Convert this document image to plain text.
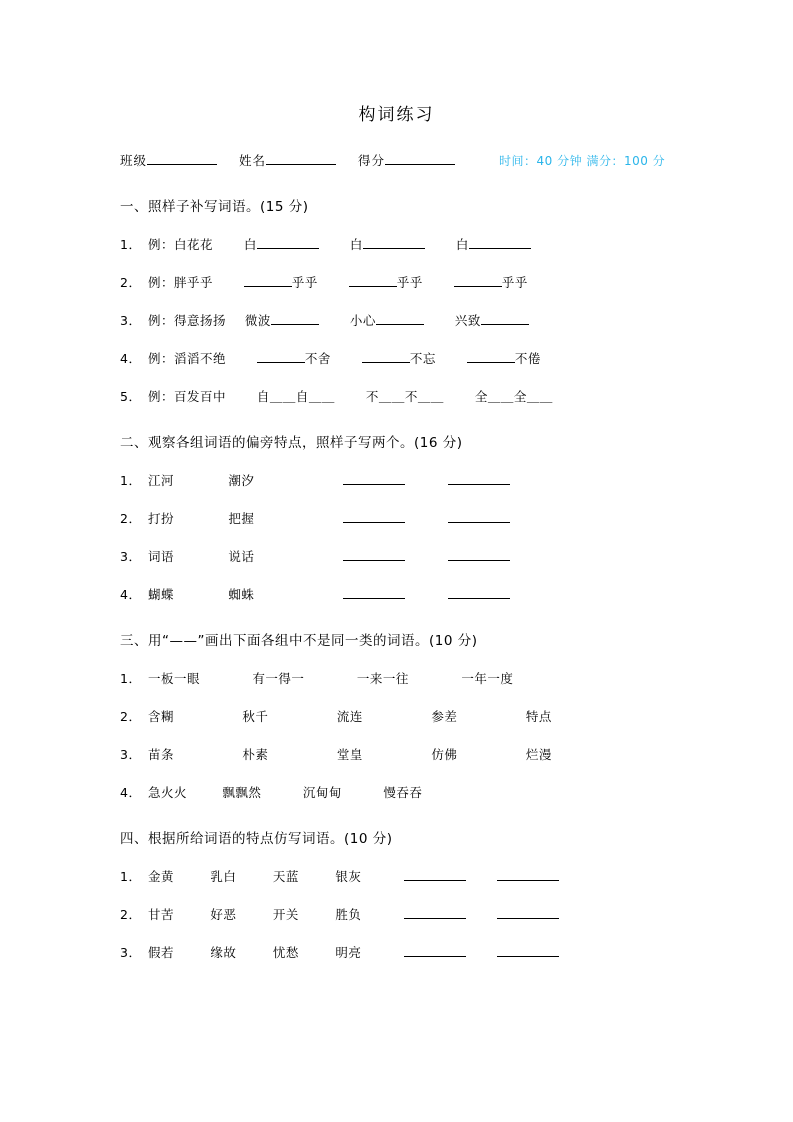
构词练习
班级	姓名	得分	时间：40 分钟 满分：100 分
一、照样子补写词语。(15 分)
1． 例：白花花 白	白	白
2． 例：胖乎乎	乎乎	乎乎	乎乎
3． 例：得意扬扬 微波	小心	兴致
4． 例：滔滔不绝	不舍	不忘	不倦
5． 例：百发百中 自＿＿自＿＿ 不＿＿不＿＿ 全＿＿全＿＿
二、观察各组词语的偏旁特点，照样子写两个。(16 分)
1． 江河	潮汐
2． 打扮	把握
3． 词语	说话
4． 蝴蝶	蜘蛛
三、用“——”画出下面各组中不是同一类的词语。(10 分)
1． 一板一眼	有一得一	一来一往	一年一度
2． 含糊	秋千	流连	参差	特点
3． 苗条	朴素	堂皇	仿佛	烂漫
4． 急火火	飘飘然	沉甸甸	慢吞吞
四、根据所给词语的特点仿写词语。(10 分)
1． 金黄	乳白	天蓝	银灰
2． 甘苦	好恶	开关	胜负
3． 假若	缘故	忧愁	明亮
